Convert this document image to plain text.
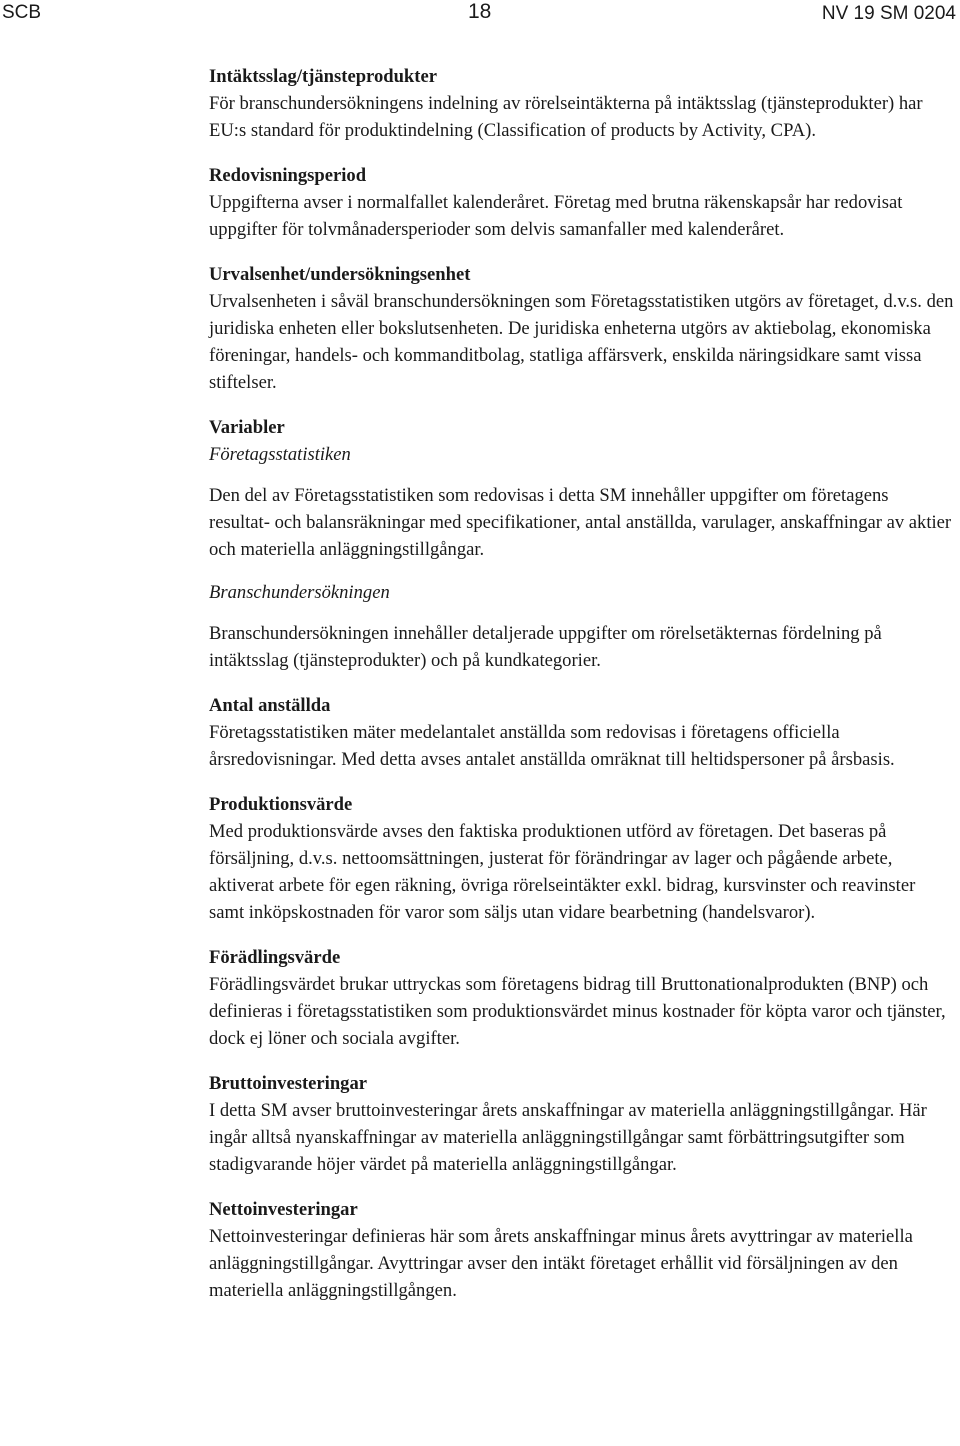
SCB	18	NV 19 SM 0204
Intäktsslag/tjänsteprodukter
För branschundersökningens indelning av rörelseintäkterna på intäktsslag (tjänsteprodukter) har EU:s standard för produktindelning (Classification of products by Activity, CPA).
Redovisningsperiod
Uppgifterna avser i normalfallet kalenderåret. Företag med brutna räkenskapsår har redovisat uppgifter för tolvmånadersperioder som delvis samanfaller med kalenderåret.
Urvalsenhet/undersökningsenhet
Urvalsenheten i såväl branschundersökningen som Företagsstatistiken utgörs av företaget, d.v.s. den juridiska enheten eller bokslutsenheten. De juridiska enheterna utgörs av aktiebolag, ekonomiska föreningar, handels- och kommanditbolag, statliga affärsverk, enskilda näringsidkare samt vissa stiftelser.
Variabler
Företagsstatistiken
Den del av Företagsstatistiken som redovisas i detta SM innehåller uppgifter om företagens resultat- och balansräkningar med specifikationer, antal anställda, varulager, anskaffningar av aktier och materiella anläggningstillgångar.
Branschundersökningen
Branschundersökningen innehåller detaljerade uppgifter om rörelsetäkternas fördelning på intäktsslag (tjänsteprodukter) och på kundkategorier.
Antal anställda
Företagsstatistiken mäter medelantalet anställda som redovisas i företagens officiella årsredovisningar. Med detta avses antalet anställda omräknat till heltidspersoner på årsbasis.
Produktionsvärde
Med produktionsvärde avses den faktiska produktionen utförd av företagen. Det baseras på försäljning, d.v.s. nettoomsättningen, justerat för förändringar av lager och pågående arbete, aktiverat arbete för egen räkning, övriga rörelseintäkter exkl. bidrag, kursvinster och reavinster samt inköpskostnaden för varor som säljs utan vidare bearbetning (handelsvaror).
Förädlingsvärde
Förädlingsvärdet brukar uttryckas som företagens bidrag till Bruttonationalprodukten (BNP) och definieras i företagsstatistiken som produktionsvärdet minus kostnader för köpta varor och tjänster, dock ej löner och sociala avgifter.
Bruttoinvesteringar
I detta SM avser bruttoinvesteringar årets anskaffningar av materiella anläggningstillgångar. Här ingår alltså nyanskaffningar av materiella anläggningstillgångar samt förbättringsutgifter som stadigvarande höjer värdet på materiella anläggningstillgångar.
Nettoinvesteringar
Nettoinvesteringar definieras här som årets anskaffningar minus årets avyttringar av materiella anläggningstillgångar. Avyttringar avser den intäkt företaget erhållit vid försäljningen av den materiella anläggningstillgången.
